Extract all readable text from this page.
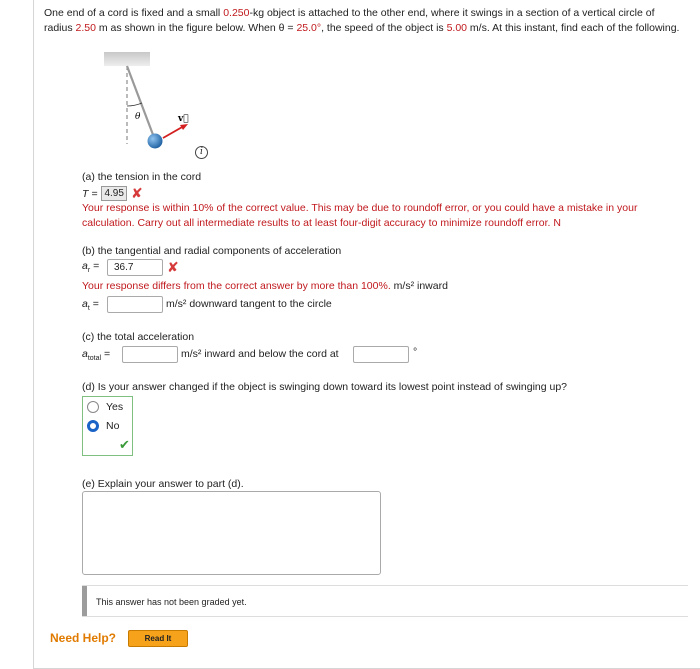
One end of a cord is fixed and a small 0.250-kg object is attached to the other end, where it swings in a section of a vertical circle of radius 2.50 m as shown in the figure below. When θ = 25.0°, the speed of the object is 5.00 m/s. At this instant, find each of the following.
θ	v⃗
i
(a) the tension in the cord
T = 4.95 ✘
Your response is within 10% of the correct value. This may be due to roundoff error, or you could have a mistake in your calculation. Carry out all intermediate results to at least four-digit accuracy to minimize roundoff error. N
(b) the tangential and radial components of acceleration
$a_r$ =	36.7	✘
Your response differs from the correct answer by more than 100%. m/s² inward
$a_t$ =	m/s² downward tangent to the circle
(c) the total acceleration
$a_{total}$ =	m/s² inward and below the cord at	°
(d) Is your answer changed if the object is swinging down toward its lowest point instead of swinging up?
Yes
No
✔
(e) Explain your answer to part (d).
This answer has not been graded yet.
Need Help?	Read It
